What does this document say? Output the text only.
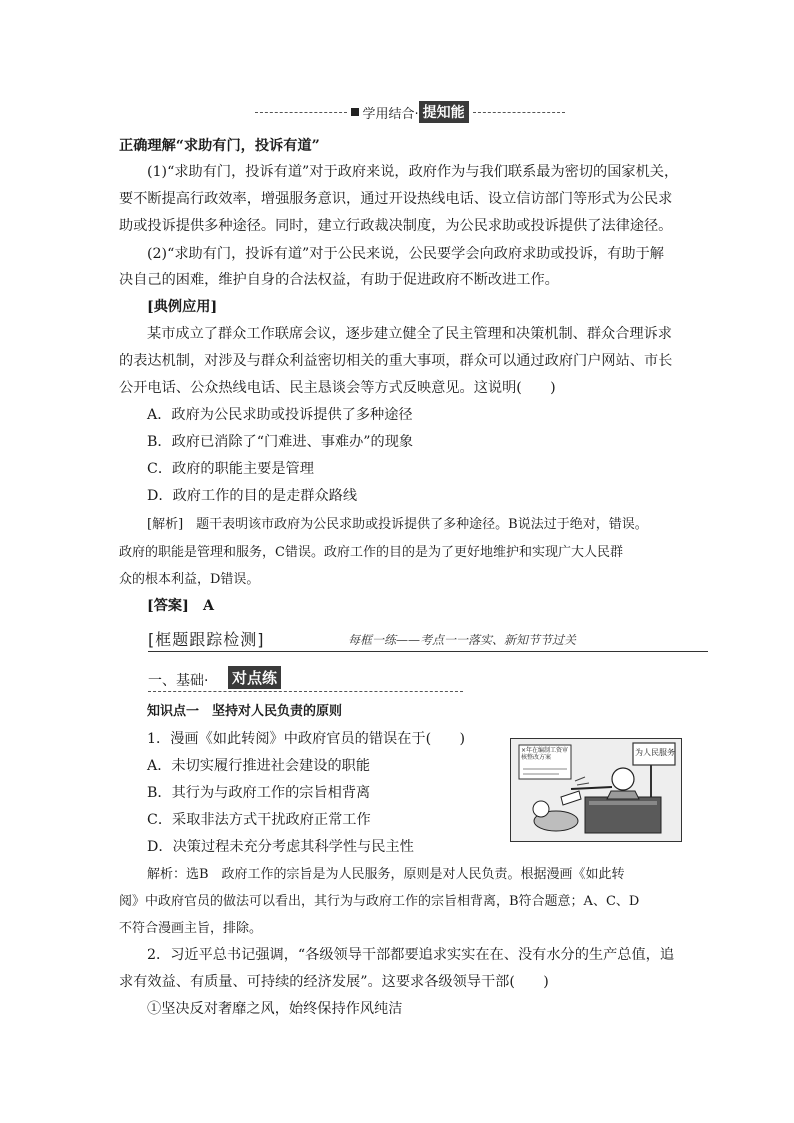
学用结合· 提知能
正确理解“求助有门，投诉有道”
(1)“求助有门，投诉有道”对于政府来说，政府作为与我们联系最为密切的国家机关，
要不断提高行政效率，增强服务意识，通过开设热线电话、设立信访部门等形式为公民求
助或投诉提供多种途径。同时，建立行政裁决制度，为公民求助或投诉提供了法律途径。
(2)“求助有门，投诉有道”对于公民来说，公民要学会向政府求助或投诉，有助于解
决自己的困难，维护自身的合法权益，有助于促进政府不断改进工作。
[典例应用]
某市成立了群众工作联席会议，逐步建立健全了民主管理和决策机制、群众合理诉求
的表达机制，对涉及与群众利益密切相关的重大事项，群众可以通过政府门户网站、市长
公开电话、公众热线电话、民主恳谈会等方式反映意见。这说明(　　)
A．政府为公民求助或投诉提供了多种途径
B．政府已消除了“门难进、事难办”的现象
C．政府的职能主要是管理
D．政府工作的目的是走群众路线
[解析]　题干表明该市政府为公民求助或投诉提供了多种途径。B说法过于绝对，错误。
政府的职能是管理和服务，C错误。政府工作的目的是为了更好地维护和实现广大人民群
众的根本利益，D错误。
[答案]　A
[框题跟踪检测]	每框一练——考点一一落实、新知节节过关
一、基础· 对点练
知识点一　坚持对人民负责的原则
1．漫画《如此转阅》中政府官员的错误在于(　　)
A．未切实履行推进社会建设的职能
B．其行为与政府工作的宗旨相背离
C．采取非法方式干扰政府正常工作
D．决策过程未充分考虑其科学性与民主性
为人民服务
×年在编制工资审核整改方案
解析：选B　政府工作的宗旨是为人民服务，原则是对人民负责。根据漫画《如此转
阅》中政府官员的做法可以看出，其行为与政府工作的宗旨相背离，B符合题意；A、C、D
不符合漫画主旨，排除。
2．习近平总书记强调，“各级领导干部都要追求实实在在、没有水分的生产总值，追
求有效益、有质量、可持续的经济发展”。这要求各级领导干部(　　)
①坚决反对奢靡之风，始终保持作风纯洁
